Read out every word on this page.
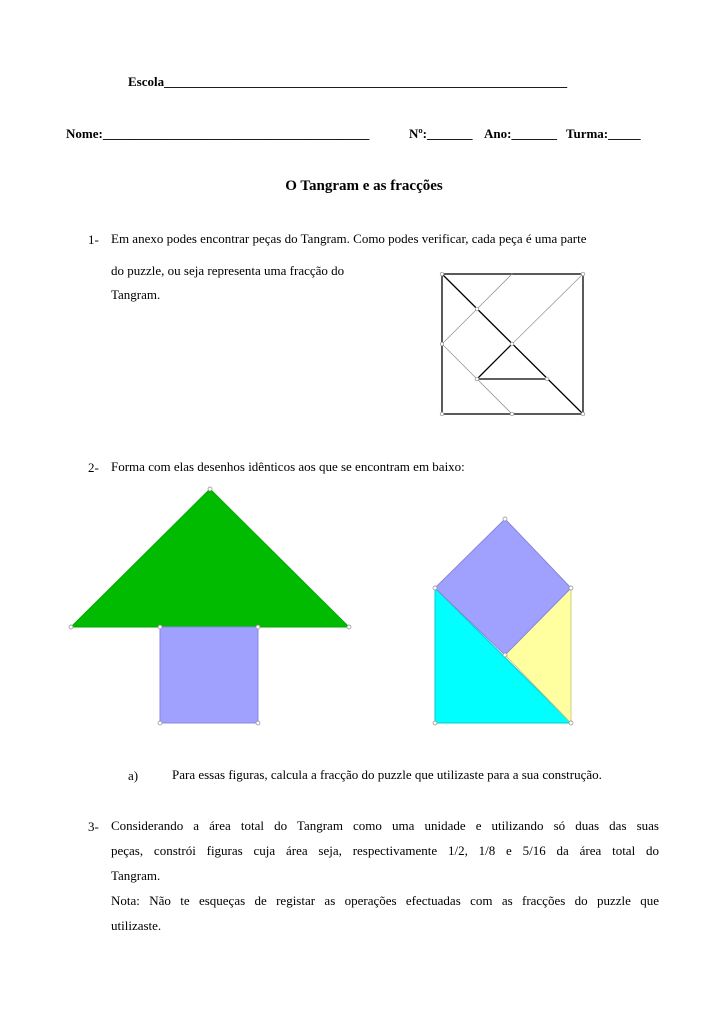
Escola______________________________________________________________
Nome:_________________________________________	Nº:_______ Ano:_______ Turma:_____
O Tangram e as fracções
1- Em anexo podes encontrar peças do Tangram. Como podes verificar, cada peça é uma parte
do puzzle, ou seja representa uma fracção do
Tangram.
2- Forma com elas desenhos idênticos aos que se encontram em baixo:
a)	Para essas figuras, calcula a fracção do puzzle que utilizaste para a sua construção.
3- Considerando a área total do Tangram como uma unidade e utilizando só duas das suas
peças, constrói figuras cuja área seja, respectivamente 1/2, 1/8 e 5/16 da área total do
Tangram.
Nota: Não te esqueças de registar as operações efectuadas com as fracções do puzzle que
utilizaste.
